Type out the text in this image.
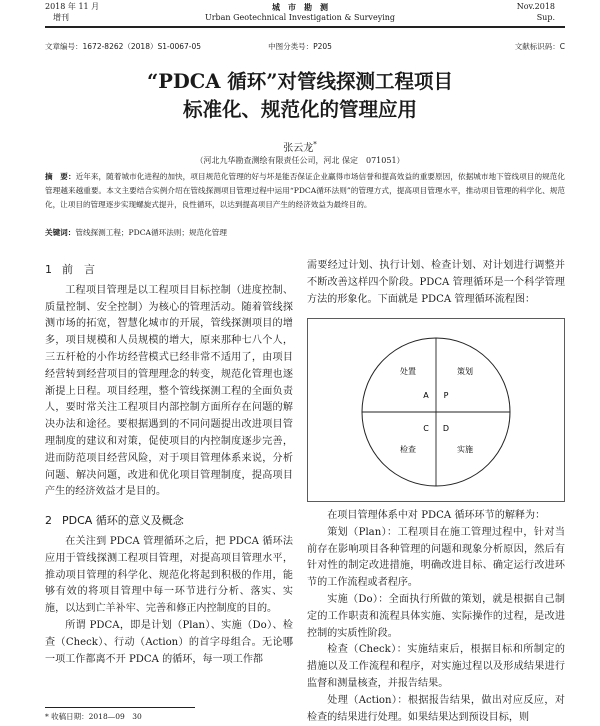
2018 年 11 月
增刊
城　市　勘　测
Urban Geotechnical Investigation & Surveying
Nov.2018
Sup.
文章编号：1672-8262（2018）S1-0067-05	中图分类号：P205	文献标识码：C
“PDCA 循环”对管线探测工程项目
标准化、规范化的管理应用
张云龙*
（河北九华勘查测绘有限责任公司，河北 保定　071051）
摘　要：近年来，随着城市化进程的加快，项目规范化管理的好与坏是能否保证企业赢得市场信誉和提高效益的重要原因，依据城市地下管线项目的规范化管理越来越重要。本文主要结合实例介绍在管线探测项目管理过程中运用“PDCA循环法则”的管理方式，提高项目管理水平，推动项目管理的科学化、规范化，让项目的管理逐步实现螺旋式提升，良性循环，以达到提高项目产生的经济效益为最终目的。
关键词：管线探测工程；PDCA循环法则；规范化管理

1 前　言

工程项目管理是以工程项目目标控制（进度控制、质量控制、安全控制）为核心的管理活动。随着管线探测市场的拓宽，智慧化城市的开展，管线探测项目的增多，项目规模和人员规模的增大，原来那种七八个人，三五杆枪的小作坊经营模式已经非常不适用了，由项目经营转到经营项目的管理理念的转变，规范化管理也逐渐提上日程。项目经理，整个管线探测工程的全面负责人，要时常关注工程项目内部控制方面所存在问题的解决办法和途径。要根据遇到的不同问题提出改进项目管理制度的建议和对策，促使项目的内控制度逐步完善，进而防范项目经营风险，对于项目管理体系来说，分析问题、解决问题，改进和优化项目管理制度，提高项目产生的经济效益才是目的。

2 PDCA 循环的意义及概念

在关注到 PDCA 管理循环之后，把 PDCA 循环法应用于管线探测工程项目管理，对提高项目管理水平，推动项目管理的科学化、规范化将起到积极的作用，能够有效的将项目管理中每一环节进行分析、落实、实施，以达到亡羊补牢、完善和修正内控制度的目的。

所谓 PDCA，即是计划（Plan）、实施（Do）、检查（Check）、行动（Action）的首字母组合。无论哪一项工作都离不开 PDCA 的循环，每一项工作都

需要经过计划、执行计划、检查计划、对计划进行调整并不断改善这样四个阶段。PDCA 管理循环是一个科学管理方法的形象化。下面就是 PDCA 管理循环流程图：

处置	策划
检查	实施
A P
C D

在项目管理体系中对 PDCA 循环环节的解释为：

策划（Plan）：工程项目在施工管理过程中，针对当前存在影响项目各种管理的问题和现象分析原因，然后有针对性的制定改进措施，明确改进目标、确定运行改进环节的工作流程或者程序。

实施（Do）：全面执行所做的策划，就是根据自己制定的工作职责和流程具体实施、实际操作的过程，是改进控制的实质性阶段。

检查（Check）：实施结束后，根据目标和所制定的措施以及工作流程和程序，对实施过程以及形成结果进行监督和测量核查，并报告结果。

处理（Action）：根据报告结果，做出对应反应，对检查的结果进行处理。如果结果达到预设目标，则

* 收稿日期：2018—09　30
